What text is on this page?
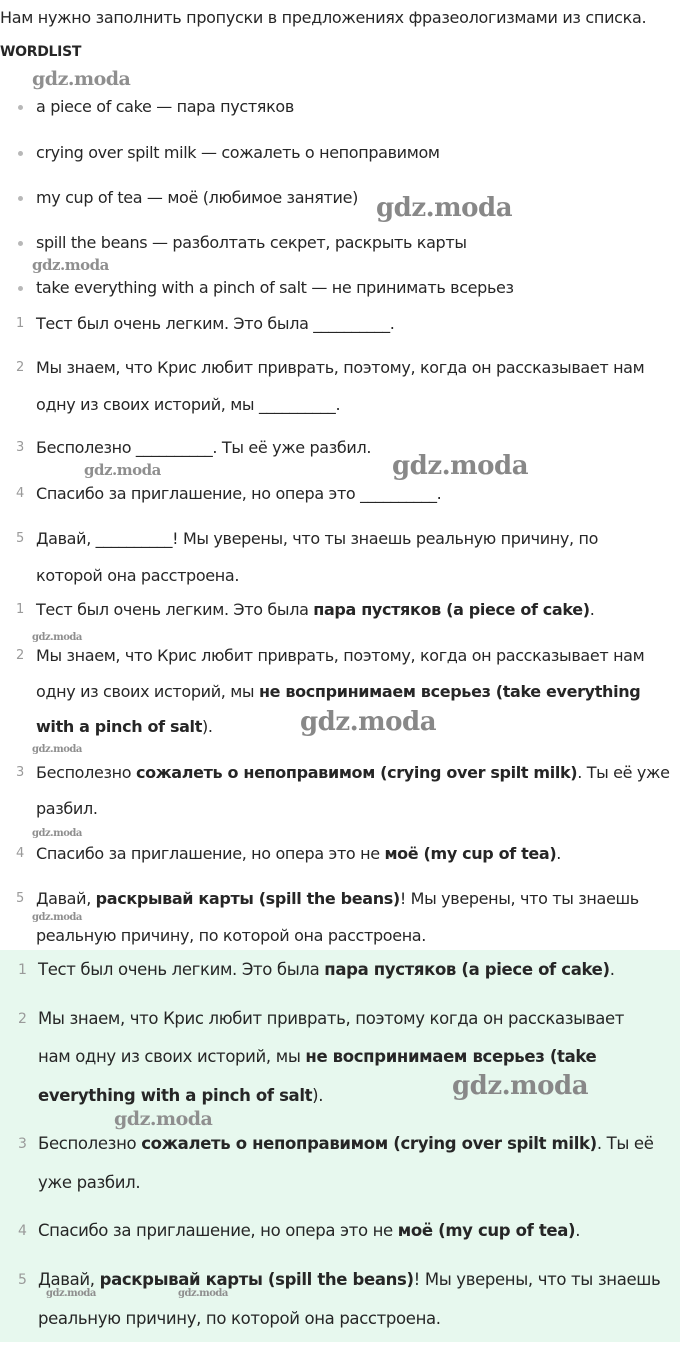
Нам нужно заполнить пропуски в предложениях фразеологизмами из списка.
WORDLIST
a piece of cake — пара пустяков
crying over spilt milk — сожалеть о непоправимом
my cup of tea — моё (любимое занятие)
spill the beans — разболтать секрет, раскрыть карты
take everything with a pinch of salt — не принимать всерьез
1 Тест был очень легким. Это была __________.
2 Мы знаем, что Крис любит приврать, поэтому, когда он рассказывает нам
одну из своих историй, мы __________.
3 Бесполезно __________. Ты её уже разбил.
4 Спасибо за приглашение, но опера это __________.
5 Давай, __________! Мы уверены, что ты знаешь реальную причину, по
которой она расстроена.
1 Тест был очень легким. Это была пара пустяков (a piece of cake).
2 Мы знаем, что Крис любит приврать, поэтому, когда он рассказывает нам
одну из своих историй, мы не воспринимаем всерьез (take everything
with a pinch of salt).
3 Бесполезно сожалеть о непоправимом (crying over spilt milk). Ты её уже
разбил.
4 Спасибо за приглашение, но опера это не моё (my cup of tea).
5 Давай, раскрывай карты (spill the beans)! Мы уверены, что ты знаешь
реальную причину, по которой она расстроена.
1 Тест был очень легким. Это была пара пустяков (a piece of cake).
2 Мы знаем, что Крис любит приврать, поэтому когда он рассказывает
нам одну из своих историй, мы не воспринимаем всерьез (take
everything with a pinch of salt).
3 Бесполезно сожалеть о непоправимом (crying over spilt milk). Ты её
уже разбил.
4 Спасибо за приглашение, но опера это не моё (my cup of tea).
5 Давай, раскрывай карты (spill the beans)! Мы уверены, что ты знаешь
реальную причину, по которой она расстроена.
gdz.moda
gdz.moda
gdz.moda
gdz.moda	gdz.moda
gdz.moda
gdz.moda
gdz.moda
gdz.moda
gdz.moda
gdz.moda
gdz.moda
gdz.moda	gdz.moda
